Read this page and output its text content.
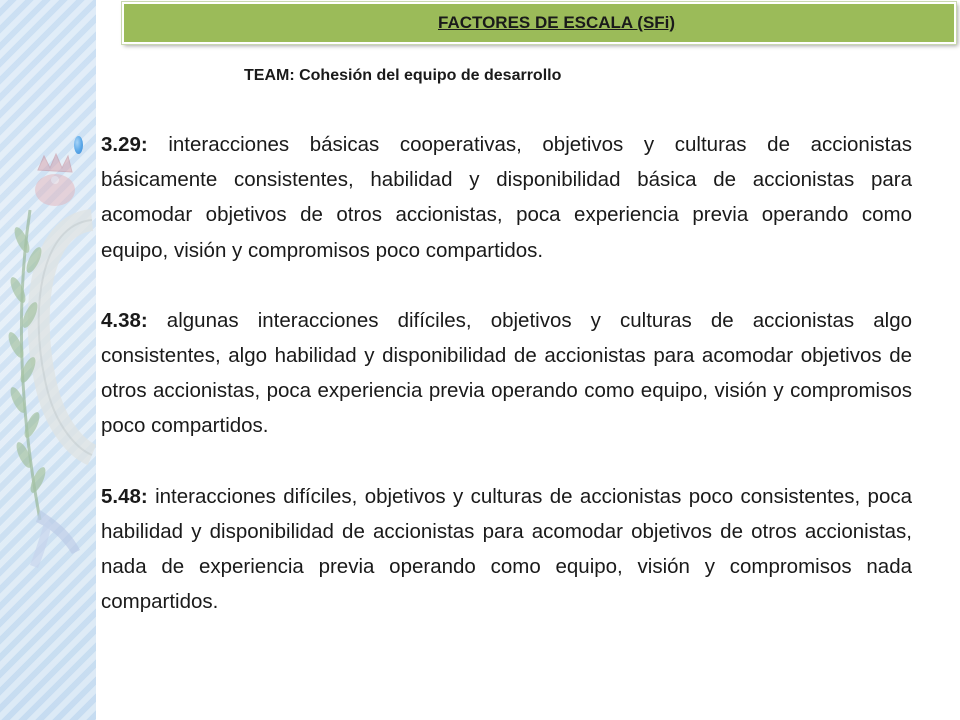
FACTORES DE ESCALA (SFi)
TEAM: Cohesión del equipo de desarrollo

3.29: interacciones básicas cooperativas, objetivos y culturas de accionistas básicamente consistentes, habilidad y disponibilidad básica de accionistas para acomodar objetivos de otros accionistas, poca experiencia previa operando como equipo, visión y compromisos poco compartidos.

4.38: algunas interacciones difíciles, objetivos y culturas de accionistas algo consistentes, algo habilidad y disponibilidad de accionistas para acomodar objetivos de otros accionistas, poca experiencia previa operando como equipo, visión y compromisos poco compartidos.

5.48: interacciones difíciles, objetivos y culturas de accionistas poco consistentes, poca habilidad y disponibilidad de accionistas para acomodar objetivos de otros accionistas, nada de experiencia previa operando como equipo, visión y compromisos nada compartidos.
